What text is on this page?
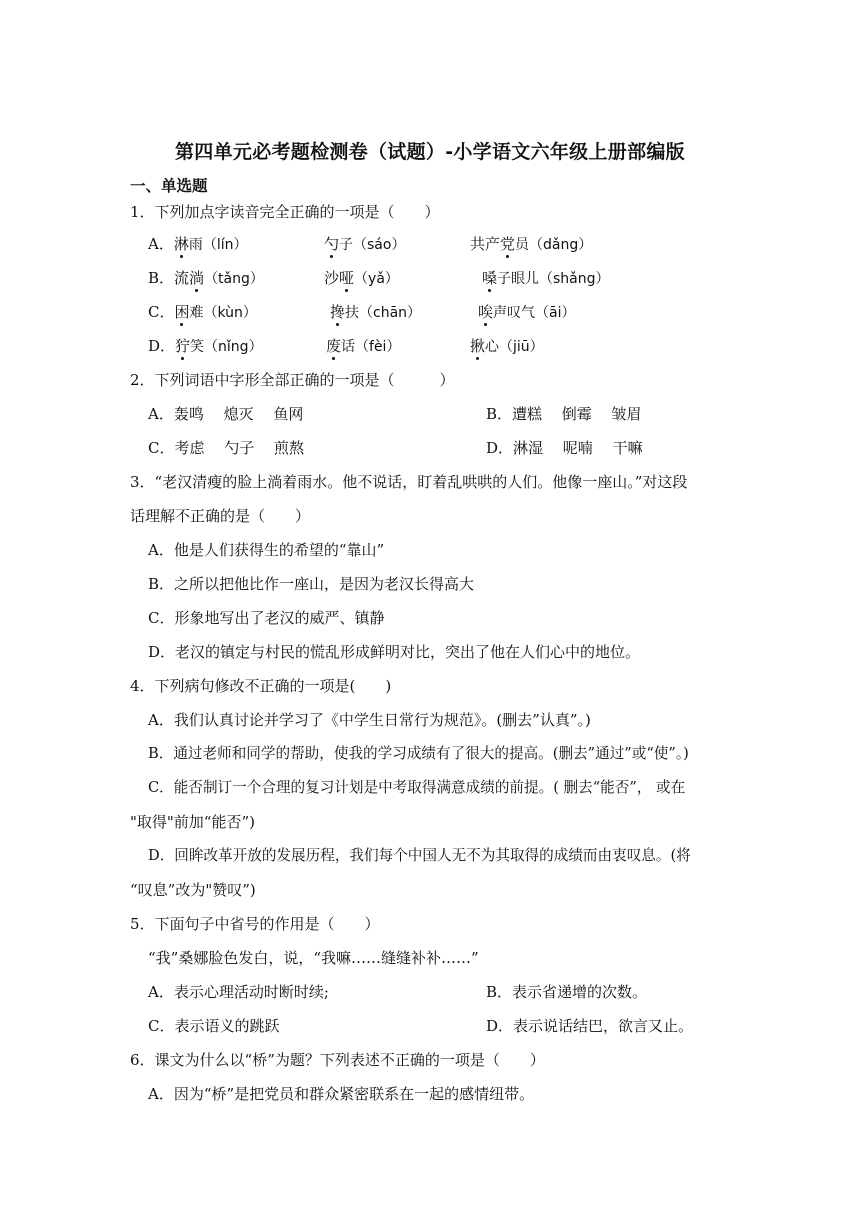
第四单元必考题检测卷（试题）-小学语文六年级上册部编版
一、单选题
1．下列加点字读音完全正确的一项是（　　）
A．淋雨（lín）	勺子（sáo）	共产党员（dǎng）
B．流淌（tǎng）	沙哑（yǎ）	嗓子眼儿（shǎng）
C．困难（kùn）	搀扶（chān）	唉声叹气（āi）
D．狞笑（nǐng）	废话（fèi）	揪心（jiū）
2．下列词语中字形全部正确的一项是（　　　）
A．轰鸣　 熄灭　 鱼网	B．遭糕　 倒霉　 皱眉
C．考虑　 勺子　 煎熬	D．淋湿　 呢喃　 干嘛
3．“老汉清瘦的脸上淌着雨水。他不说话，盯着乱哄哄的人们。他像一座山。”对这段
话理解不正确的是（　　）
A．他是人们获得生的希望的“靠山”
B．之所以把他比作一座山，是因为老汉长得高大
C．形象地写出了老汉的威严、镇静
D．老汉的镇定与村民的慌乱形成鲜明对比，突出了他在人们心中的地位。
4．下列病句修改不正确的一项是(　　)
A．我们认真讨论并学习了《中学生日常行为规范》。(删去”认真”。)
B．通过老师和同学的帮助，使我的学习成绩有了很大的提高。(删去”通过”或“使”。)
C．能否制订一个合理的复习计划是中考取得满意成绩的前提。( 删去“能否”， 或在
"取得"前加“能否”)
D．回眸改革开放的发展历程，我们每个中国人无不为其取得的成绩而由衷叹息。(将
“叹息”改为"赞叹”)
5．下面句子中省号的作用是（　　）
“我”桑娜脸色发白，说，“我嘛……缝缝补补……”
A．表示心理活动时断时续;	B．表示省递增的次数。
C．表示语义的跳跃	D．表示说话结巴，欲言又止。
6．课文为什么以“桥”为题？下列表述不正确的一项是（　　）
A．因为“桥”是把党员和群众紧密联系在一起的感情纽带。
